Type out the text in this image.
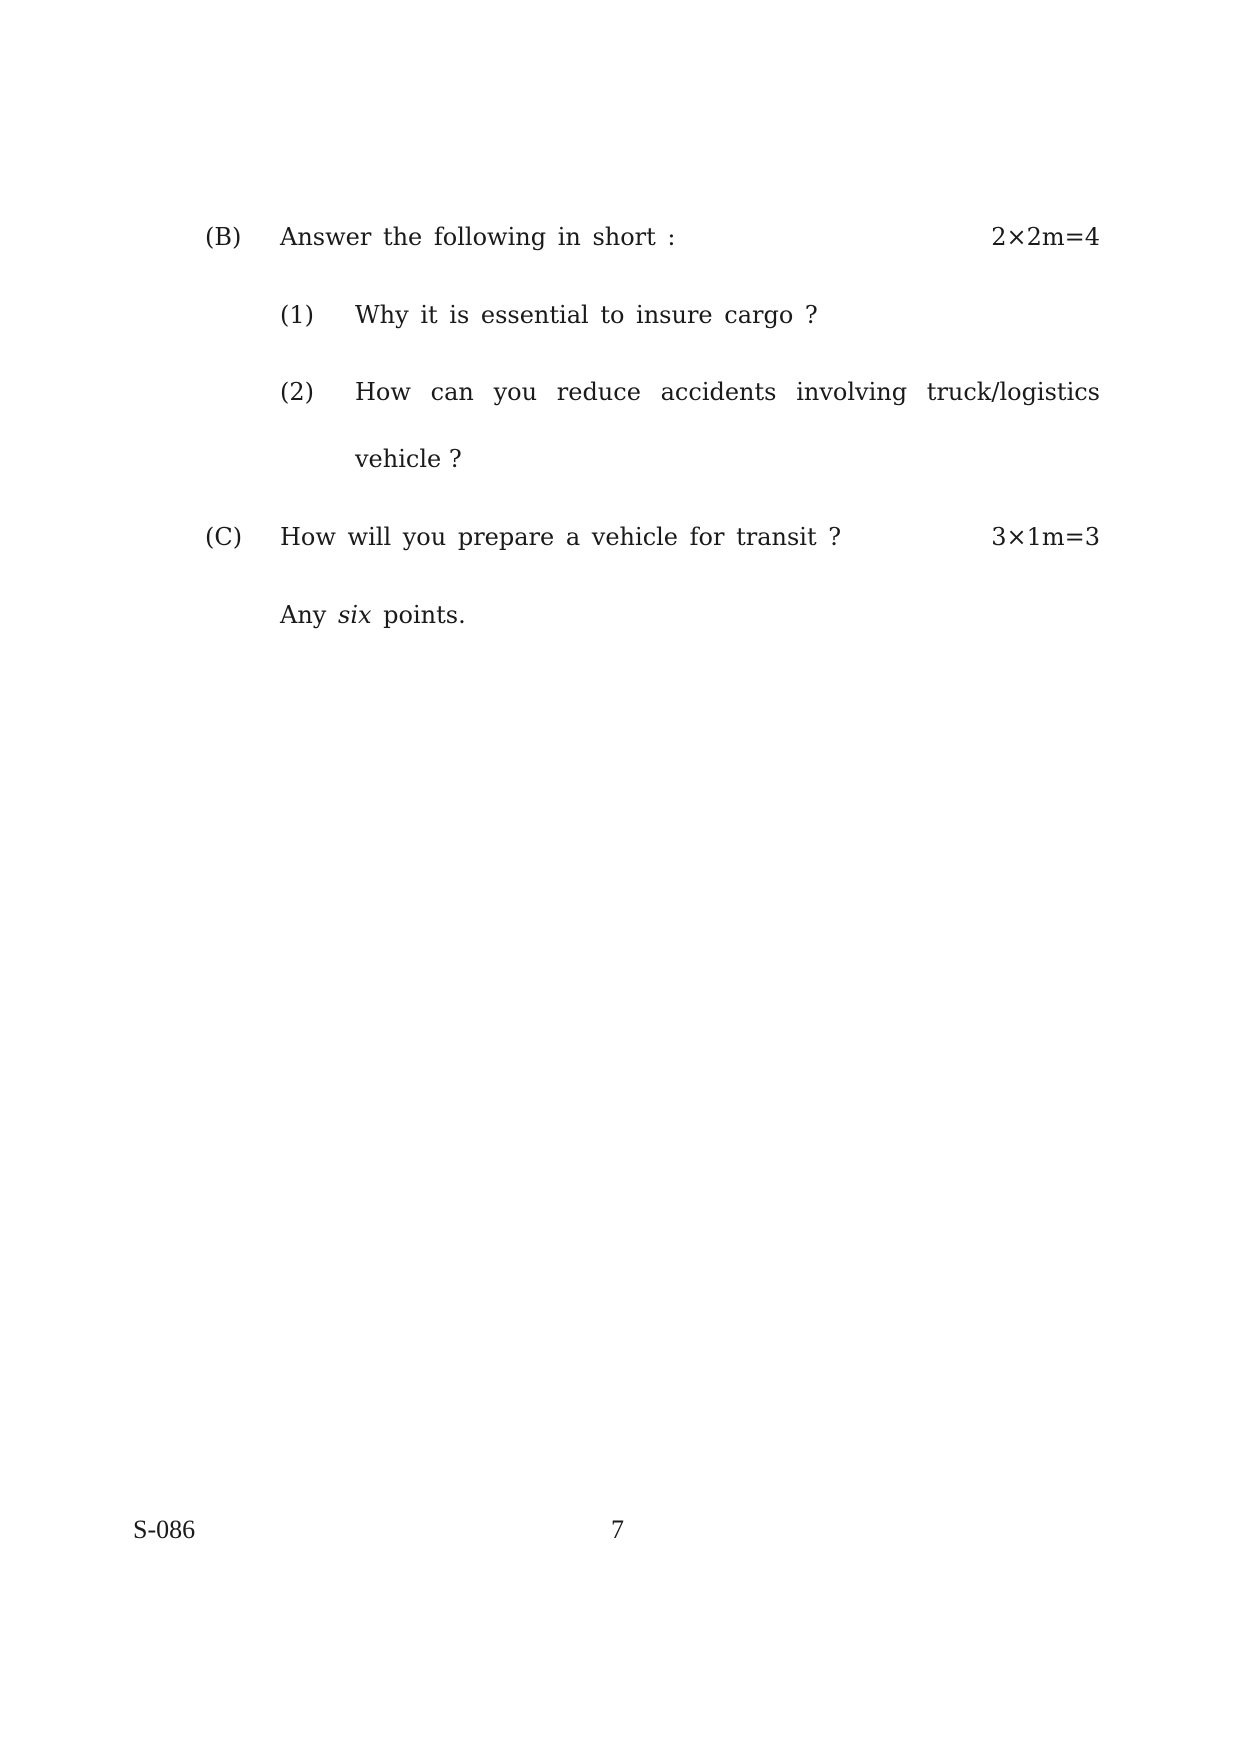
(B) Answer the following in short :	2×2m=4
(1) Why it is essential to insure cargo ?
(2) How can you reduce accidents involving truck/logistics
vehicle ?
(C) How will you prepare a vehicle for transit ?	3×1m=3
Any six points.
S-086	7
